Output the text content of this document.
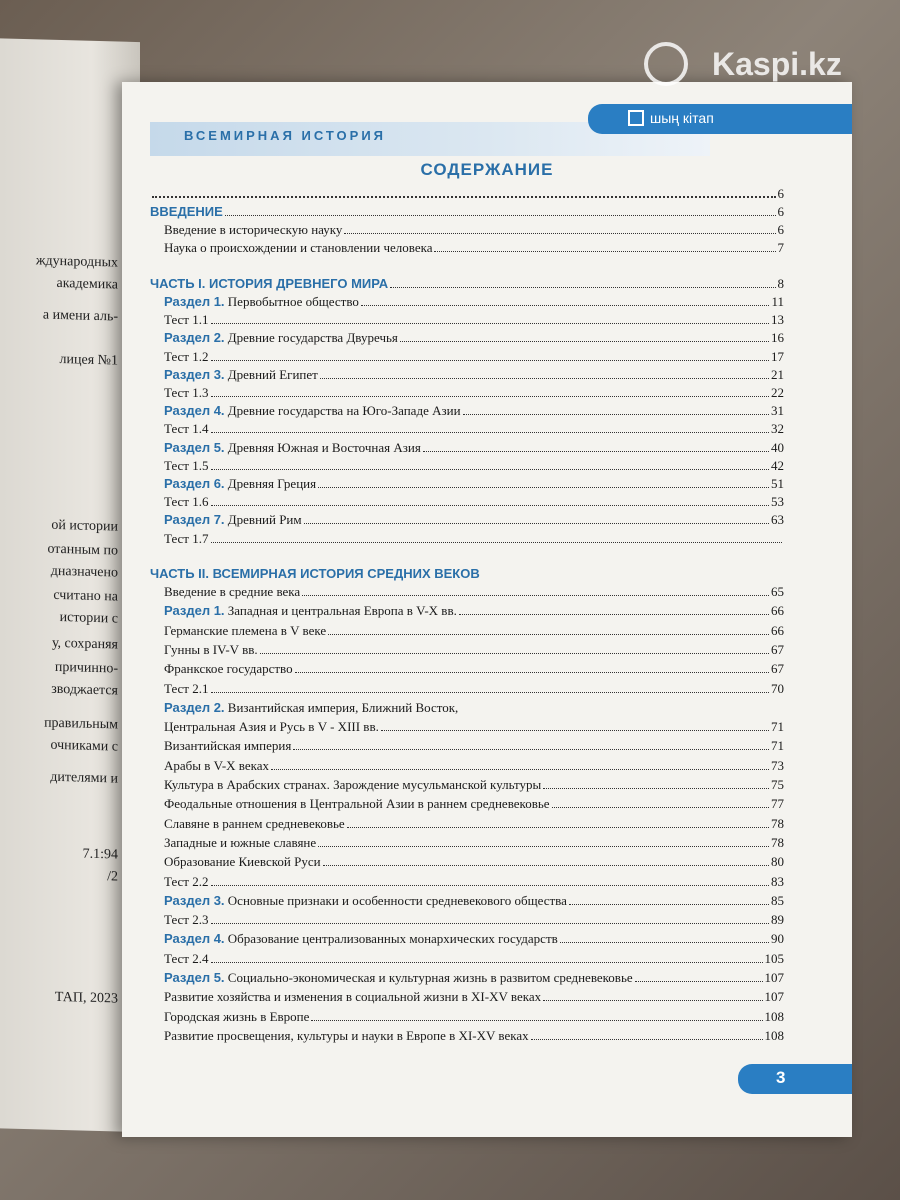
ждународных
академика
а имени аль-
лицея №1
ой истории
отанным по
дназначено
считано на
истории с
у, сохраняя
причинно-
зводжается
правильным
очниками с
дителями и
7.1:94
/2
ТАП, 2023
ВСЕМИРНАЯ ИСТОРИЯ
шың кітап
СОДЕРЖАНИЕ
6
ВВЕДЕНИЕ	6
Введение в историческую науку	6
Наука о происхождении и становлении человека	7
ЧАСТЬ I. ИСТОРИЯ ДРЕВНЕГО МИРА	8
Раздел 1. Первобытное общество	11
Тест 1.1	13
Раздел 2. Древние государства Двуречья	16
Тест 1.2	17
Раздел 3. Древний Египет	21
Тест 1.3	22
Раздел 4. Древние государства на Юго-Западе Азии	31
Тест 1.4	32
Раздел 5. Древняя Южная и Восточная Азия	40
Тест 1.5	42
Раздел 6. Древняя Греция	51
Тест 1.6	53
Раздел 7. Древний Рим	63
Тест 1.7
ЧАСТЬ II. ВСЕМИРНАЯ ИСТОРИЯ СРЕДНИХ ВЕКОВ
Введение в средние века	65
Раздел 1. Западная и центральная Европа в V-X вв.	66
Германские племена в V веке	66
Гунны в IV-V вв.	67
Франкское государство	67
Тест 2.1	70
Раздел 2. Византийская империя, Ближний Восток,
Центральная Азия и Русь в V - XIII вв.	71
Византийская империя	71
Арабы в V-X веках	73
Культура в Арабских странах. Зарождение мусульманской культуры	75
Феодальные отношения в Центральной Азии в раннем средневековье	77
Славяне в раннем средневековье	78
Западные и южные славяне	78
Образование Киевской Руси	80
Тест 2.2	83
Раздел 3. Основные признаки и особенности средневекового общества	85
Тест 2.3	89
Раздел 4. Образование централизованных монархических государств	90
Тест 2.4	105
Раздел 5. Социально-экономическая и культурная жизнь в развитом средневековье	107
Развитие хозяйства и изменения в социальной жизни в XI-XV веках	107
Городская жизнь в Европе	108
Развитие просвещения, культуры и науки в Европе в XI-XV веках	108
3
Kaspi.kz
